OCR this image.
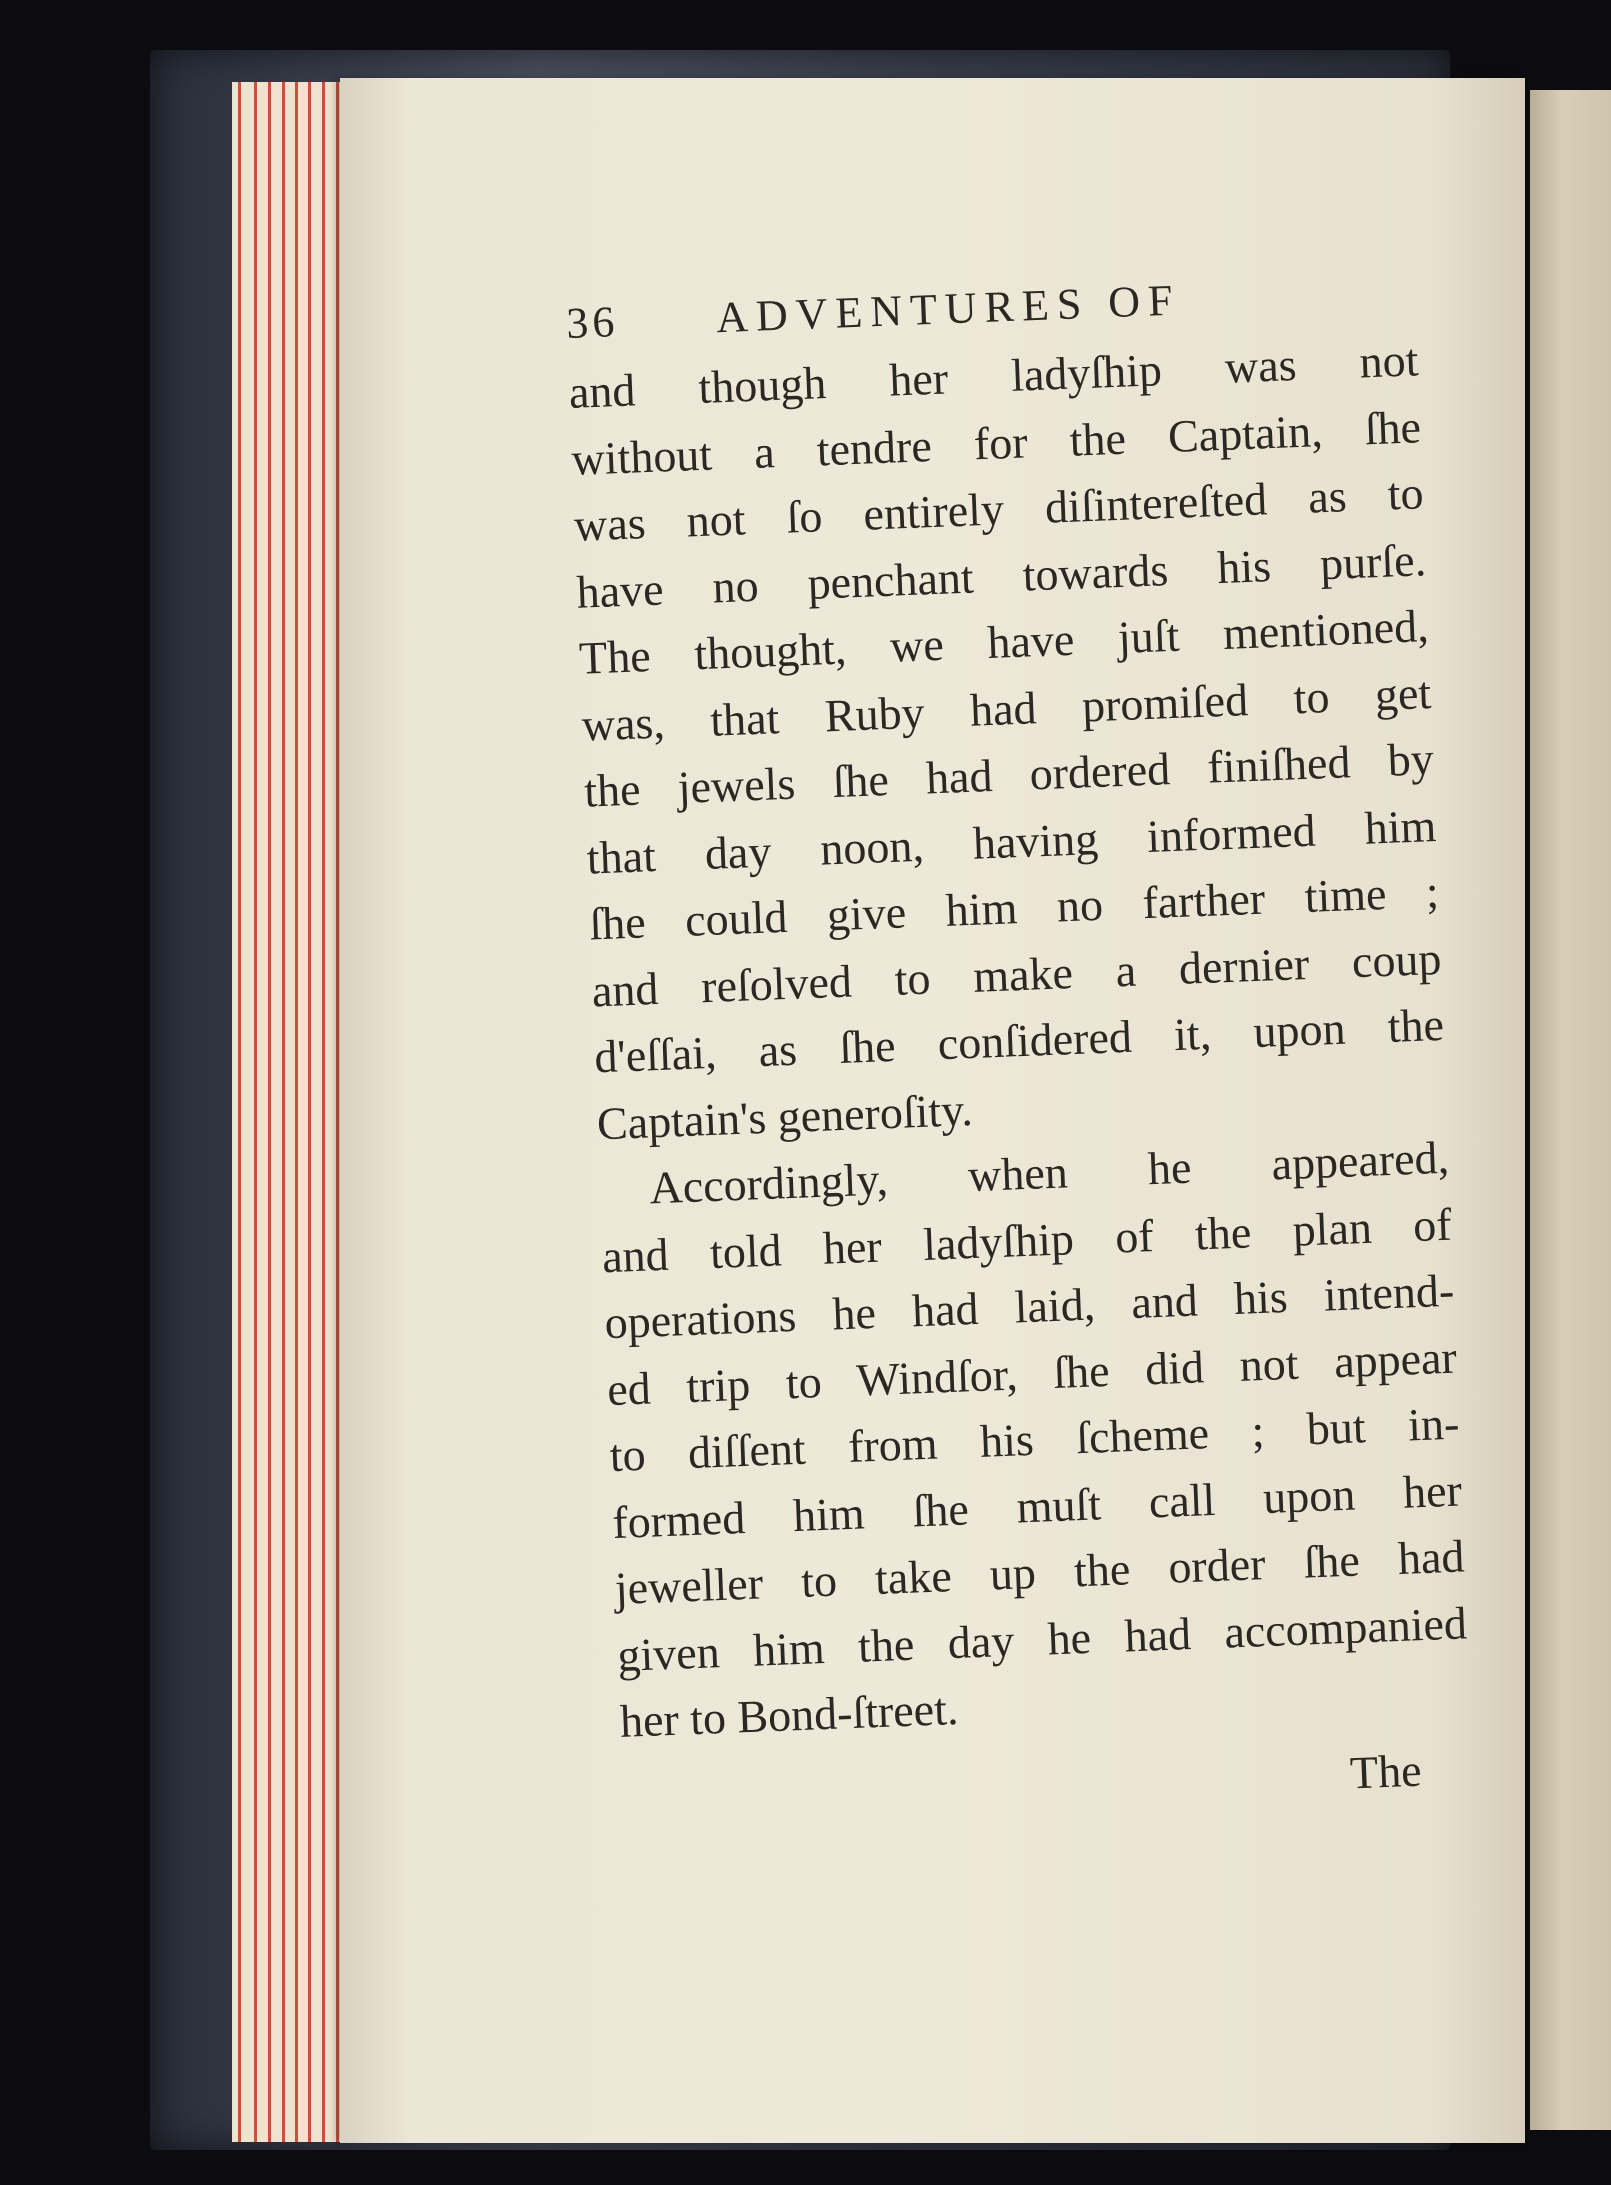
36 ADVENTURES OF
and though her ladyſhip was not
without a tendre for the Captain, ſhe
was not ſo entirely diſintereſted as to
have no penchant towards his purſe.
The thought, we have juſt mentioned,
was, that Ruby had promiſed to get
the jewels ſhe had ordered finiſhed by
that day noon, having informed him
ſhe could give him no farther time ;
and reſolved to make a dernier coup
d'eſſai, as ſhe conſidered it, upon the
Captain's generoſity.
Accordingly, when he appeared,
and told her ladyſhip of the plan of
operations he had laid, and his intend-
ed trip to Windſor, ſhe did not appear
to diſſent from his ſcheme ; but in-
formed him ſhe muſt call upon her
jeweller to take up the order ſhe had
given him the day he had accompanied
her to Bond-ſtreet.
The
